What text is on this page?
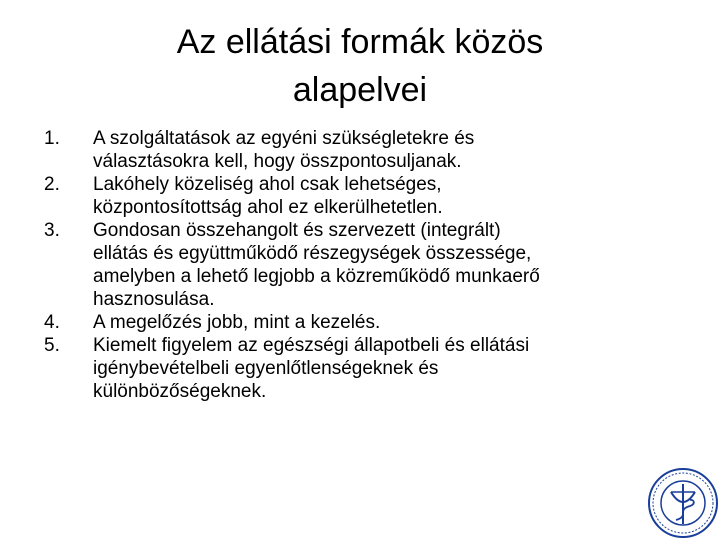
Az ellátási formák közös
alapelvei
1.	A szolgáltatások az egyéni szükségletekre és
választásokra kell, hogy összpontosuljanak.
2.	Lakóhely közeliség ahol csak lehetséges,
központosítottság ahol ez elkerülhetetlen.
3.	Gondosan összehangolt és szervezett (integrált)
ellátás és együttműködő részegységek összessége,
amelyben a lehető legjobb a közreműködő munkaerő
hasznosulása.
4.	A megelőzés jobb, mint a kezelés.
5.	Kiemelt figyelem az egészségi állapotbeli és ellátási
igénybevételbeli egyenlőtlenségeknek és
különbözőségeknek.
